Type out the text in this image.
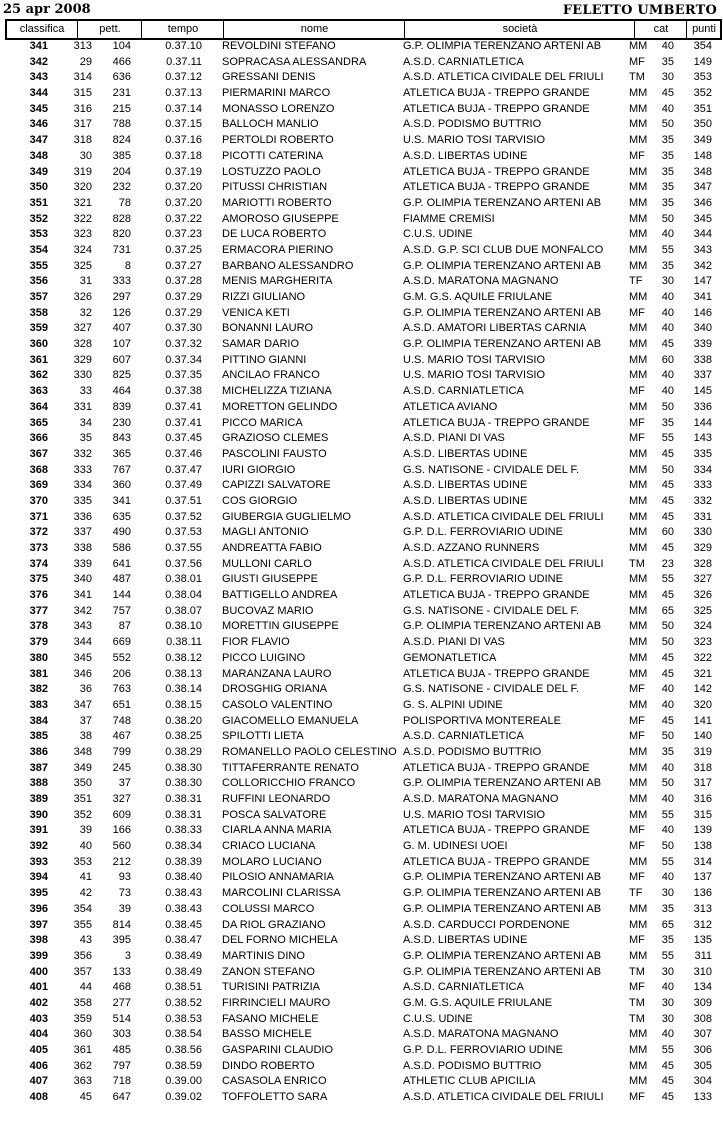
25 apr 2008	FELETTO UMBERTO
classifica	pett.	tempo	nome	società	cat	punti
341	313	104	0.37.10 REVOLDINI STEFANO	G.P. OLIMPIA TERENZANO ARTENI AB	MM	40	354
342	29	466	0.37.11 SOPRACASA ALESSANDRA	A.S.D. CARNIATLETICA	MF	35	149
343	314	636	0.37.12 GRESSANI DENIS	A.S.D. ATLETICA CIVIDALE DEL FRIULI	TM	30	353
344	315	231	0.37.13 PIERMARINI MARCO	ATLETICA BUJA - TREPPO GRANDE	MM	45	352
345	316	215	0.37.14 MONASSO LORENZO	ATLETICA BUJA - TREPPO GRANDE	MM	40	351
346	317	788	0.37.15 BALLOCH MANLIO	A.S.D. PODISMO BUTTRIO	MM	50	350
347	318	824	0.37.16 PERTOLDI ROBERTO	U.S. MARIO TOSI TARVISIO	MM	35	349
348	30	385	0.37.18 PICOTTI CATERINA	A.S.D. LIBERTAS UDINE	MF	35	148
349	319	204	0.37.19 LOSTUZZO PAOLO	ATLETICA BUJA - TREPPO GRANDE	MM	35	348
350	320	232	0.37.20 PITUSSI CHRISTIAN	ATLETICA BUJA - TREPPO GRANDE	MM	35	347
351	321	78	0.37.20 MARIOTTI ROBERTO	G.P. OLIMPIA TERENZANO ARTENI AB	MM	35	346
352	322	828	0.37.22 AMOROSO GIUSEPPE	FIAMME CREMISI	MM	50	345
353	323	820	0.37.23 DE LUCA ROBERTO	C.U.S. UDINE	MM	40	344
354	324	731	0.37.25 ERMACORA PIERINO	A.S.D. G.P. SCI CLUB DUE MONFALCO	MM	55	343
355	325	8	0.37.27 BARBANO ALESSANDRO	G.P. OLIMPIA TERENZANO ARTENI AB	MM	35	342
356	31	333	0.37.28 MENIS MARGHERITA	A.S.D. MARATONA MAGNANO	TF	30	147
357	326	297	0.37.29 RIZZI GIULIANO	G.M. G.S. AQUILE FRIULANE	MM	40	341
358	32	126	0.37.29 VENICA KETI	G.P. OLIMPIA TERENZANO ARTENI AB	MF	40	146
359	327	407	0.37.30 BONANNI LAURO	A.S.D. AMATORI LIBERTAS CARNIA	MM	40	340
360	328	107	0.37.32 SAMAR DARIO	G.P. OLIMPIA TERENZANO ARTENI AB	MM	45	339
361	329	607	0.37.34 PITTINO GIANNI	U.S. MARIO TOSI TARVISIO	MM	60	338
362	330	825	0.37.35 ANCILAO FRANCO	U.S. MARIO TOSI TARVISIO	MM	40	337
363	33	464	0.37.38 MICHELIZZA TIZIANA	A.S.D. CARNIATLETICA	MF	40	145
364	331	839	0.37.41 MORETTON GELINDO	ATLETICA AVIANO	MM	50	336
365	34	230	0.37.41 PICCO MARICA	ATLETICA BUJA - TREPPO GRANDE	MF	35	144
366	35	843	0.37.45 GRAZIOSO CLEMES	A.S.D. PIANI DI VAS	MF	55	143
367	332	365	0.37.46 PASCOLINI FAUSTO	A.S.D. LIBERTAS UDINE	MM	45	335
368	333	767	0.37.47 IURI GIORGIO	G.S. NATISONE - CIVIDALE DEL F.	MM	50	334
369	334	360	0.37.49 CAPIZZI SALVATORE	A.S.D. LIBERTAS UDINE	MM	45	333
370	335	341	0.37.51 COS GIORGIO	A.S.D. LIBERTAS UDINE	MM	45	332
371	336	635	0.37.52 GIUBERGIA GUGLIELMO	A.S.D. ATLETICA CIVIDALE DEL FRIULI	MM	45	331
372	337	490	0.37.53 MAGLI ANTONIO	G.P. D.L. FERROVIARIO UDINE	MM	60	330
373	338	586	0.37.55 ANDREATTA FABIO	A.S.D. AZZANO RUNNERS	MM	45	329
374	339	641	0.37.56 MULLONI CARLO	A.S.D. ATLETICA CIVIDALE DEL FRIULI	TM	23	328
375	340	487	0.38.01 GIUSTI GIUSEPPE	G.P. D.L. FERROVIARIO UDINE	MM	55	327
376	341	144	0.38.04 BATTIGELLO ANDREA	ATLETICA BUJA - TREPPO GRANDE	MM	45	326
377	342	757	0.38.07 BUCOVAZ MARIO	G.S. NATISONE - CIVIDALE DEL F.	MM	65	325
378	343	87	0.38.10 MORETTIN GIUSEPPE	G.P. OLIMPIA TERENZANO ARTENI AB	MM	50	324
379	344	669	0.38.11 FIOR FLAVIO	A.S.D. PIANI DI VAS	MM	50	323
380	345	552	0.38.12 PICCO LUIGINO	GEMONATLETICA	MM	45	322
381	346	206	0.38.13 MARANZANA LAURO	ATLETICA BUJA - TREPPO GRANDE	MM	45	321
382	36	763	0.38.14 DROSGHIG ORIANA	G.S. NATISONE - CIVIDALE DEL F.	MF	40	142
383	347	651	0.38.15 CASOLO VALENTINO	G. S. ALPINI UDINE	MM	40	320
384	37	748	0.38.20 GIACOMELLO EMANUELA	POLISPORTIVA MONTEREALE	MF	45	141
385	38	467	0.38.25 SPILOTTI LIETA	A.S.D. CARNIATLETICA	MF	50	140
386	348	799	0.38.29 ROMANELLO PAOLO CELESTINO A.S.D. PODISMO BUTTRIO	MM	35	319
387	349	245	0.38.30 TITTAFERRANTE RENATO	ATLETICA BUJA - TREPPO GRANDE	MM	40	318
388	350	37	0.38.30 COLLORICCHIO FRANCO	G.P. OLIMPIA TERENZANO ARTENI AB	MM	50	317
389	351	327	0.38.31 RUFFINI LEONARDO	A.S.D. MARATONA MAGNANO	MM	40	316
390	352	609	0.38.31 POSCA SALVATORE	U.S. MARIO TOSI TARVISIO	MM	55	315
391	39	166	0.38.33 CIARLA ANNA MARIA	ATLETICA BUJA - TREPPO GRANDE	MF	40	139
392	40	560	0.38.34 CRIACO LUCIANA	G. M. UDINESI UOEI	MF	50	138
393	353	212	0.38.39 MOLARO LUCIANO	ATLETICA BUJA - TREPPO GRANDE	MM	55	314
394	41	93	0.38.40 PILOSIO ANNAMARIA	G.P. OLIMPIA TERENZANO ARTENI AB	MF	40	137
395	42	73	0.38.43 MARCOLINI CLARISSA	G.P. OLIMPIA TERENZANO ARTENI AB	TF	30	136
396	354	39	0.38.43 COLUSSI MARCO	G.P. OLIMPIA TERENZANO ARTENI AB	MM	35	313
397	355	814	0.38.45 DA RIOL GRAZIANO	A.S.D. CARDUCCI PORDENONE	MM	65	312
398	43	395	0.38.47 DEL FORNO MICHELA	A.S.D. LIBERTAS UDINE	MF	35	135
399	356	3	0.38.49 MARTINIS DINO	G.P. OLIMPIA TERENZANO ARTENI AB	MM	55	311
400	357	133	0.38.49 ZANON STEFANO	G.P. OLIMPIA TERENZANO ARTENI AB	TM	30	310
401	44	468	0.38.51 TURISINI PATRIZIA	A.S.D. CARNIATLETICA	MF	40	134
402	358	277	0.38.52 FIRRINCIELI MAURO	G.M. G.S. AQUILE FRIULANE	TM	30	309
403	359	514	0.38.53 FASANO MICHELE	C.U.S. UDINE	TM	30	308
404	360	303	0.38.54 BASSO MICHELE	A.S.D. MARATONA MAGNANO	MM	40	307
405	361	485	0.38.56 GASPARINI CLAUDIO	G.P. D.L. FERROVIARIO UDINE	MM	55	306
406	362	797	0.38.59 DINDO ROBERTO	A.S.D. PODISMO BUTTRIO	MM	45	305
407	363	718	0.39.00 CASASOLA ENRICO	ATHLETIC CLUB APICILIA	MM	45	304
408	45	647	0.39.02 TOFFOLETTO SARA	A.S.D. ATLETICA CIVIDALE DEL FRIULI	MF	45	133
